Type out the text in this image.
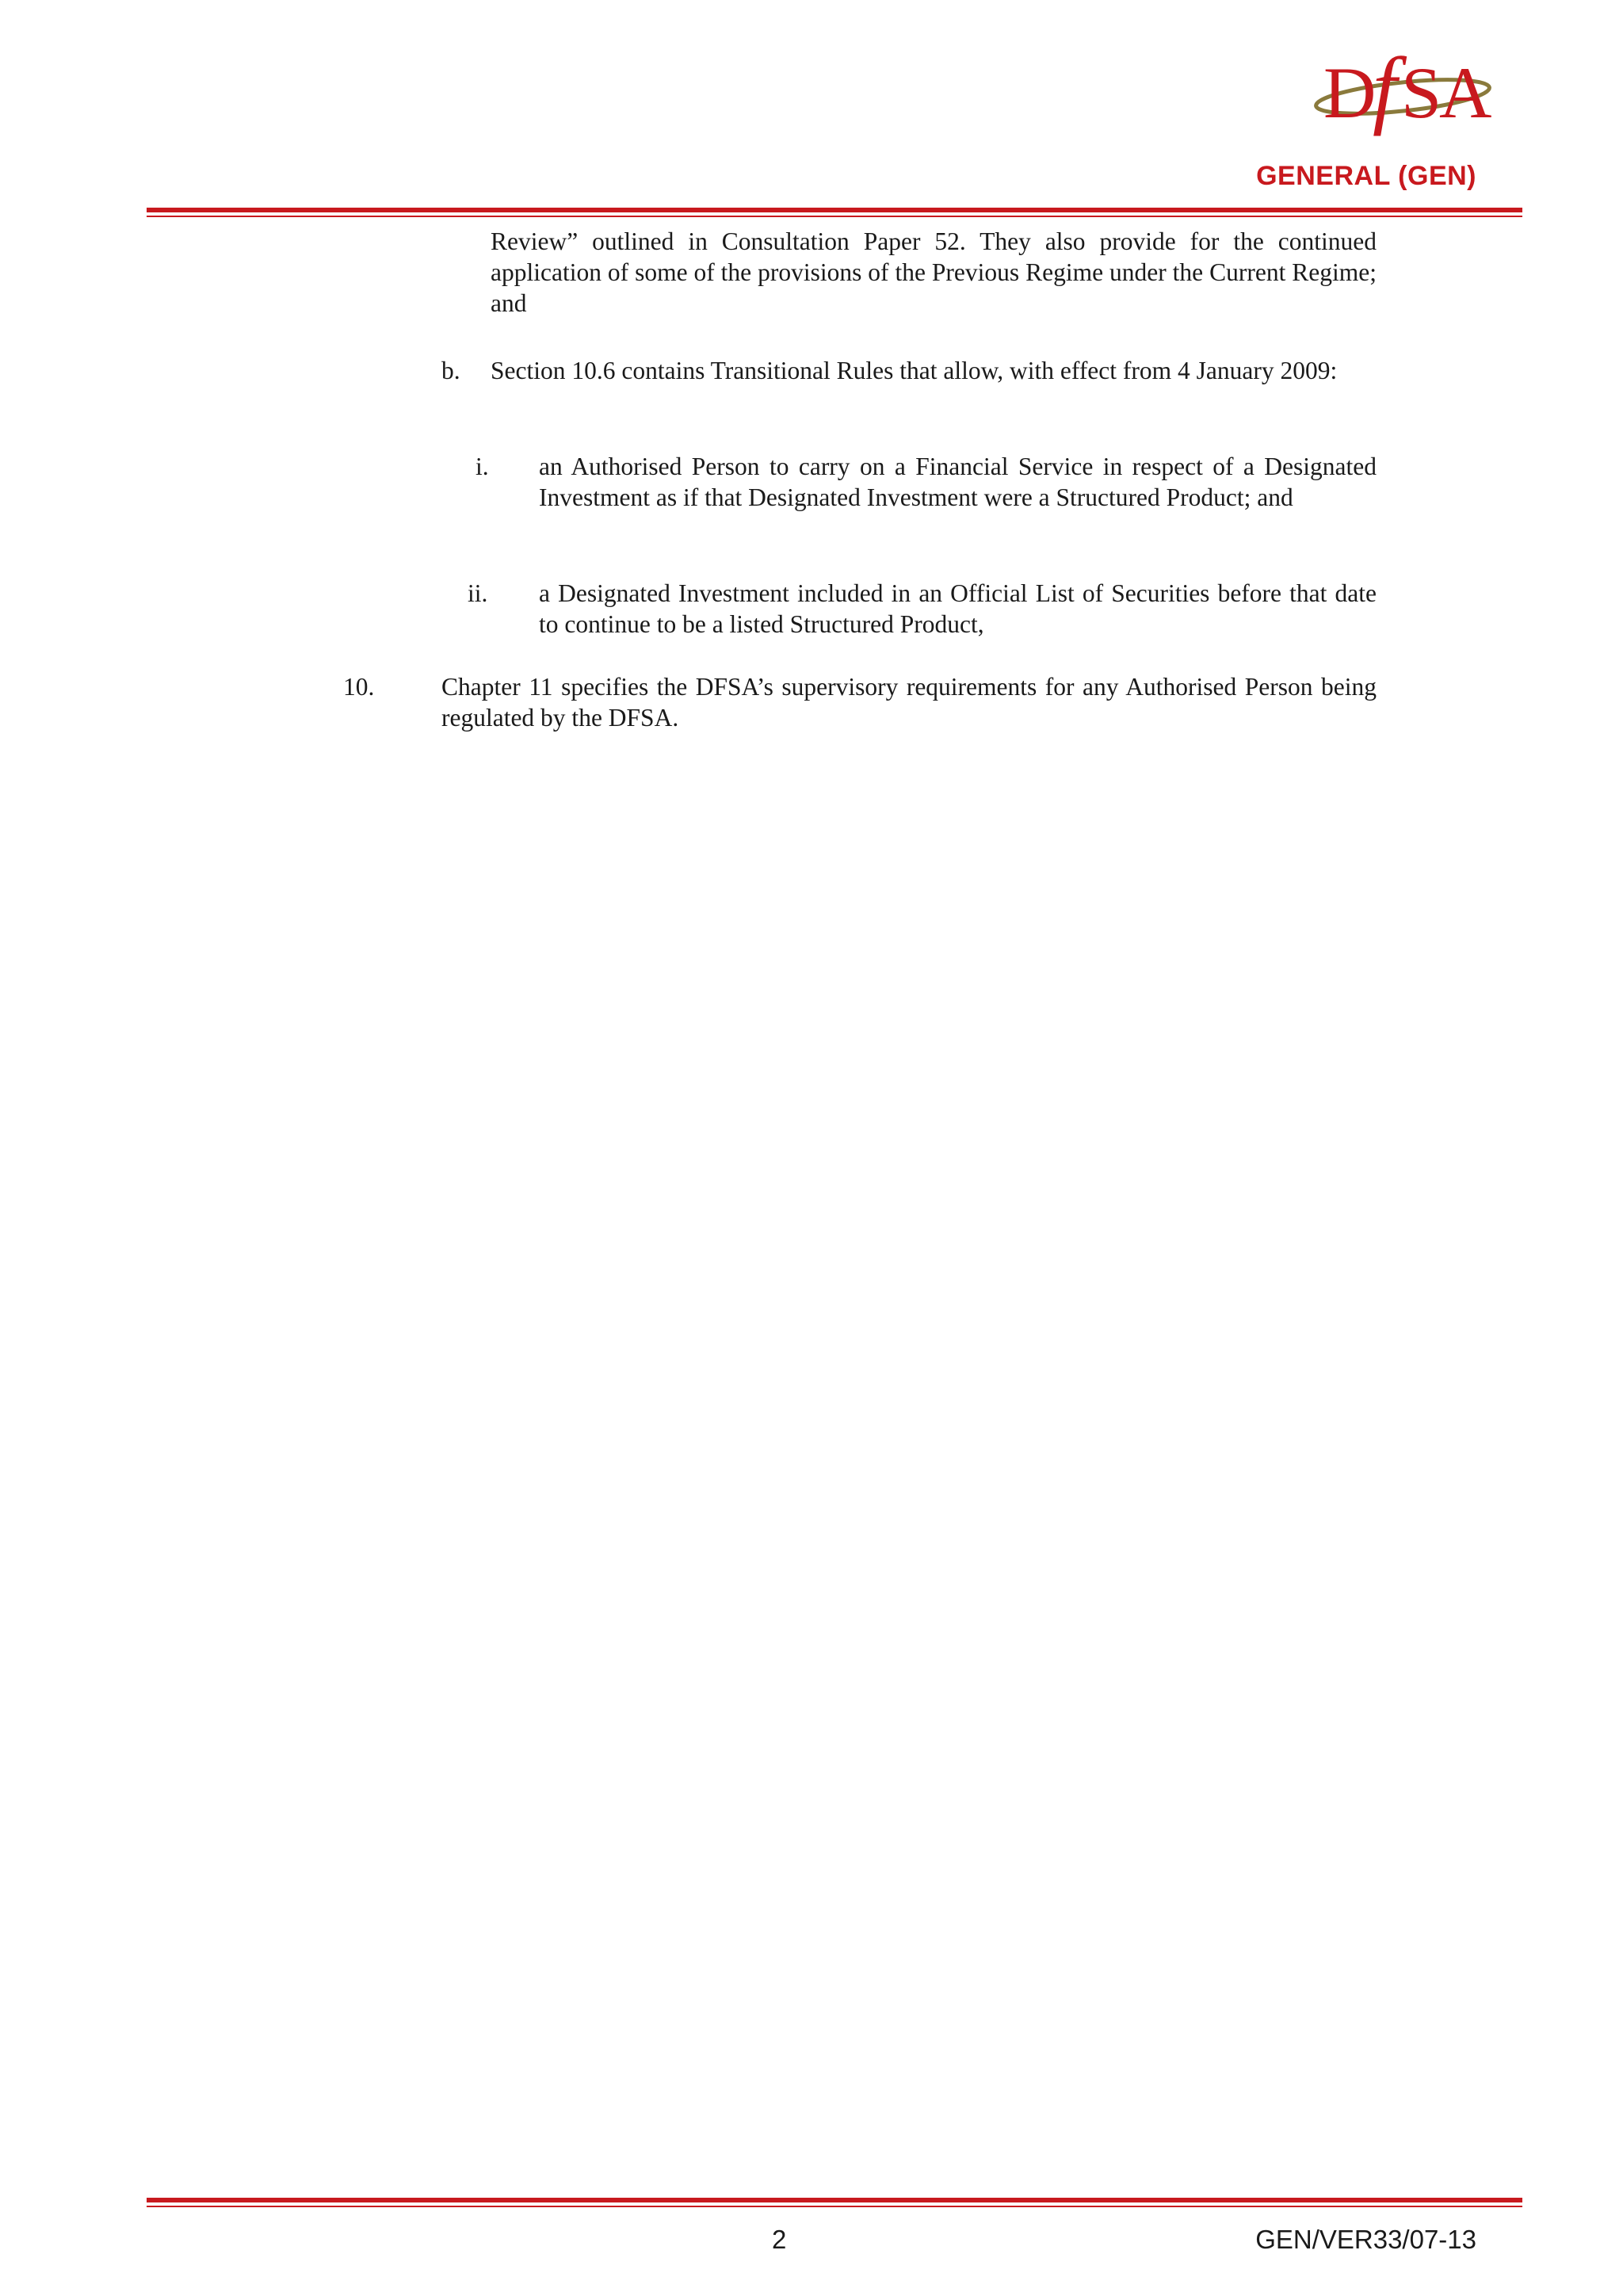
D
f S
A
GENERAL (GEN)
Review” outlined in Consultation Paper 52. They also provide for the continued application of some of the provisions of the Previous Regime under the Current Regime; and
b. Section 10.6 contains Transitional Rules that allow, with effect from 4 January 2009:
i. an Authorised Person to carry on a Financial Service in respect of a Designated Investment as if that Designated Investment were a Structured Product; and
ii. a Designated Investment included in an Official List of Securities before that date to continue to be a listed Structured Product,
10.	Chapter 11 specifies the DFSA’s supervisory requirements for any Authorised Person being regulated by the DFSA.
2	GEN/VER33/07-13
